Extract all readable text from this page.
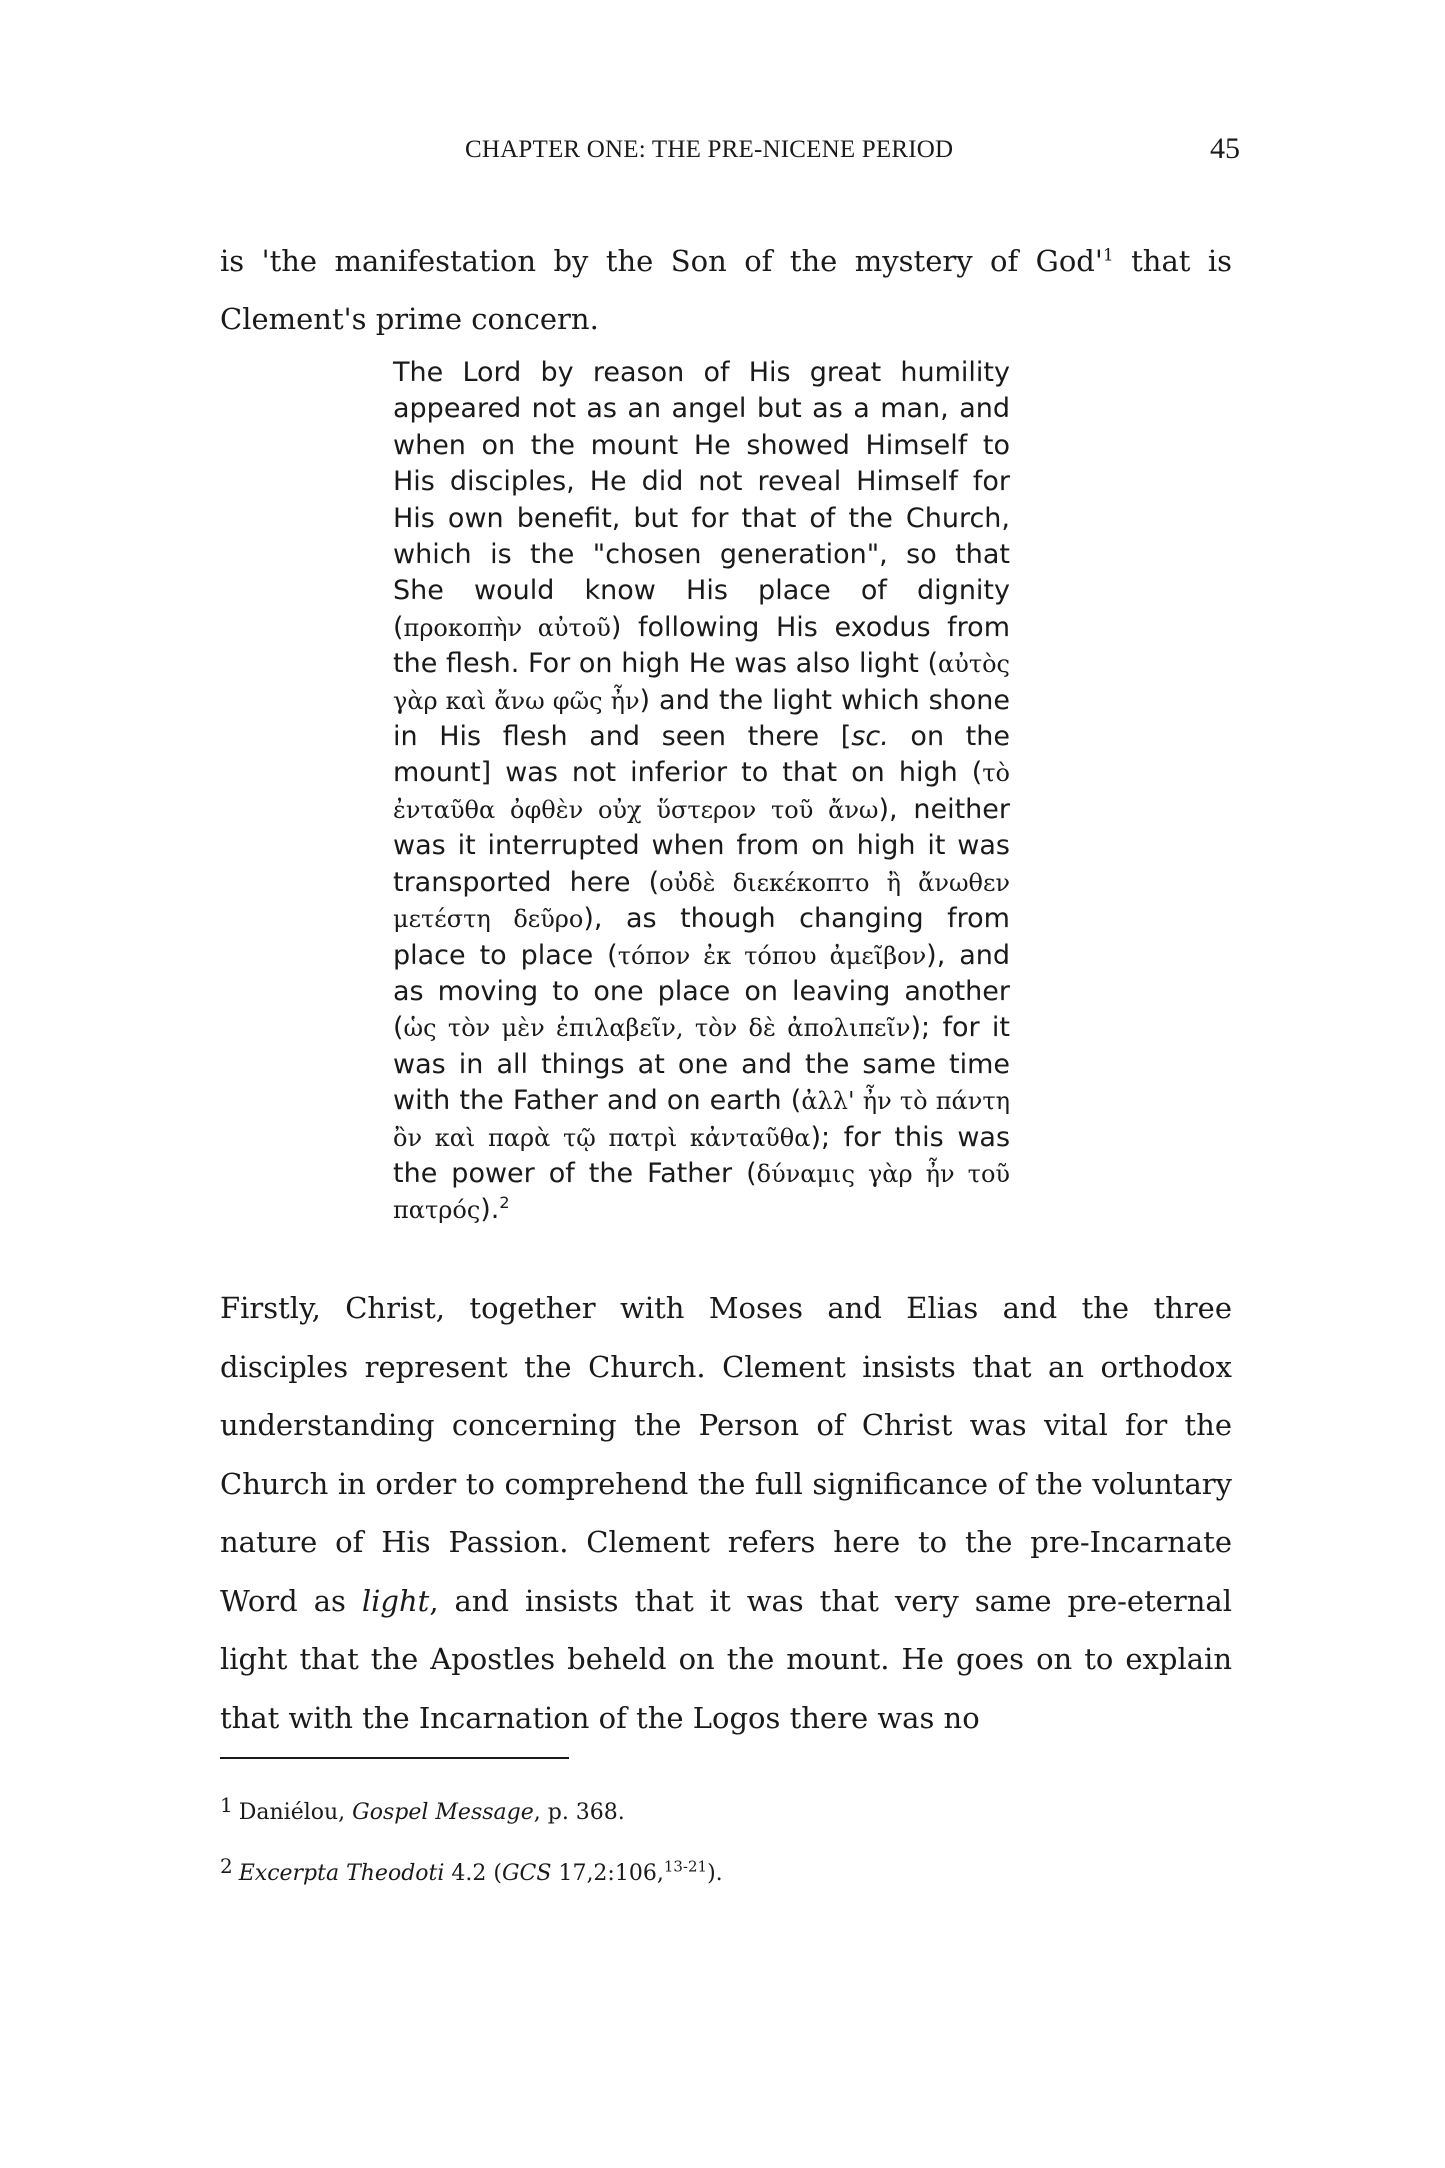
CHAPTER ONE: THE PRE-NICENE PERIOD	45

is 'the manifestation by the Son of the mystery of $God'^1$ that is Clement's prime concern.

The Lord by reason of His great humility appeared not as an angel but as a man, and when on the mount He showed Himself to His disciples, He did not reveal Himself for His own benefit, but for that of the Church, which is the "chosen generation", so that She would know His place of dignity (προκοπὴν αὐτοῦ) following His exodus from the flesh. For on high He was also light (αὐτὸς γὰρ καὶ ἄνω φῶς ἦν) and the light which shone in His flesh and seen there [sc. on the mount] was not inferior to that on high (τὸ ἐνταῦθα ὀφθὲν οὐχ ὕστερον τοῦ ἄνω), neither was it interrupted when from on high it was transported here (οὐδὲ διεκέκοπτο ἢ ἄνωθεν μετέστη δεῦρο), as though changing from place to place (τόπον ἐκ τόπου ἀμεῖβον), and as moving to one place on leaving another (ὡς τὸν μὲν ἐπιλαβεῖν, τὸν δὲ ἀπολιπεῖν); for it was in all things at one and the same time with the Father and on earth (ἀλλ' ἦν τὸ πάντη ὂν καὶ παρὰ τῷ πατρὶ κἀνταῦθα); for this was the power of the Father (δύναμις γὰρ ἦν τοῦ πατρός).$^2$

Firstly, Christ, together with Moses and Elias and the three disciples represent the Church. Clement insists that an orthodox understanding concerning the Person of Christ was vital for the Church in order to comprehend the full significance of the voluntary nature of His Passion. Clement refers here to the pre-Incarnate Word as light, and insists that it was that very same pre-eternal light that the Apostles beheld on the mount. He goes on to explain that with the Incarnation of the Logos there was no

1 Daniélou, Gospel Message, p. 368.
2 Excerpta Theodoti 4.2 (GCS 17,2:106,$^{13-21}$).
